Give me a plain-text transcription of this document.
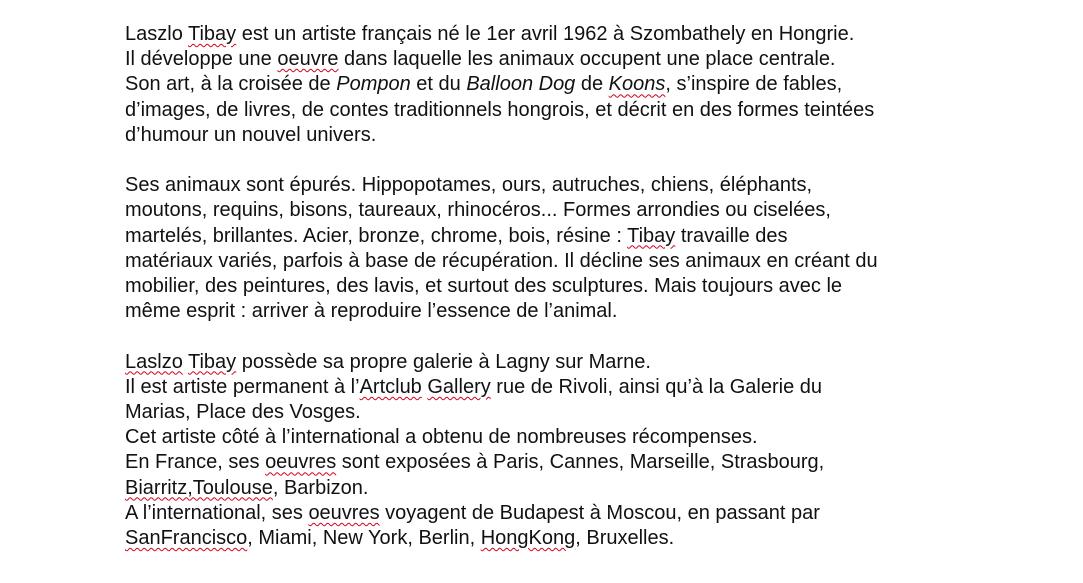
Laszlo Tibay est un artiste français né le 1er avril 1962 à Szombathely en Hongrie.

Il développe une oeuvre dans laquelle les animaux occupent une place centrale.

Son art, à la croisée de Pompon et du Balloon Dog de Koons, s’inspire de fables,

d’images, de livres, de contes traditionnels hongrois, et décrit en des formes teintées

d’humour un nouvel univers.

Ses animaux sont épurés. Hippopotames, ours, autruches, chiens, éléphants,

moutons, requins, bisons, taureaux, rhinocéros... Formes arrondies ou ciselées,

martelés, brillantes. Acier, bronze, chrome, bois, résine : Tibay travaille des

matériaux variés, parfois à base de récupération. Il décline ses animaux en créant du

mobilier, des peintures, des lavis, et surtout des sculptures. Mais toujours avec le

même esprit : arriver à reproduire l’essence de l’animal.

Laslzo Tibay possède sa propre galerie à Lagny sur Marne.

Il est artiste permanent à l’Artclub Gallery rue de Rivoli, ainsi qu’à la Galerie du

Marias, Place des Vosges.

Cet artiste côté à l’international a obtenu de nombreuses récompenses.

En France, ses oeuvres sont exposées à Paris, Cannes, Marseille, Strasbourg,

Biarritz,Toulouse, Barbizon.

A l’international, ses oeuvres voyagent de Budapest à Moscou, en passant par

SanFrancisco, Miami, New York, Berlin, HongKong, Bruxelles.
